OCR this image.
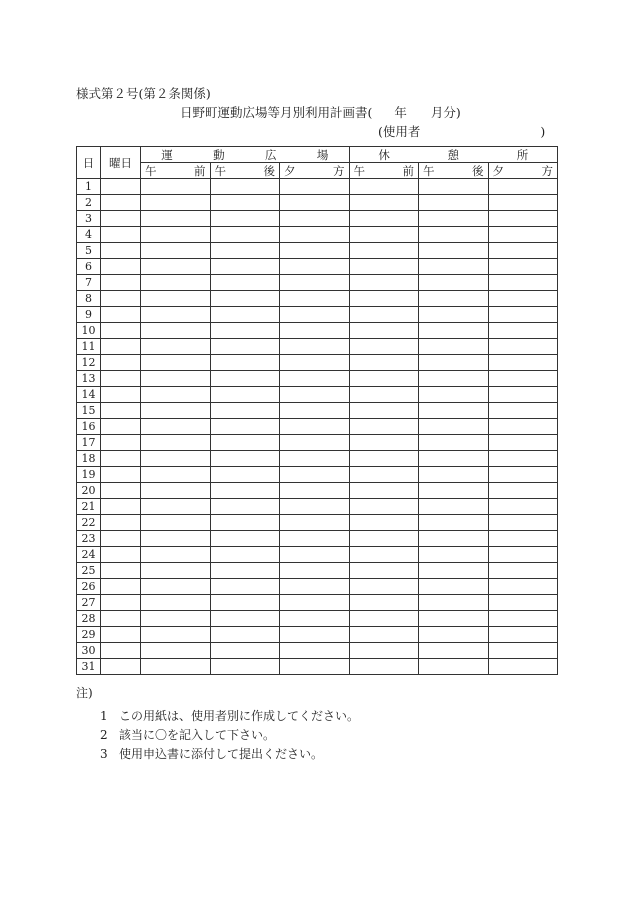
様式第２号(第２条関係)
日野町運動広場等月別利用計画書( 年 月分)
(使用者	)
日	曜日	運 動 広 場			休 憩 所		

		午 前	午 後	夕 方	午 前	午 後	夕 方

1							
2							
3							
4							
5							
6							
7							
8							
9							
10							
11							
12							
13							
14							
15							
16							
17							
18							
19							
20							
21							
22							
23							
24							
25							
26							
27							
28							
29							
30							
31							
注)
1 この用紙は、使用者別に作成してください。
2 該当に〇を記入して下さい。
3 使用申込書に添付して提出ください。
